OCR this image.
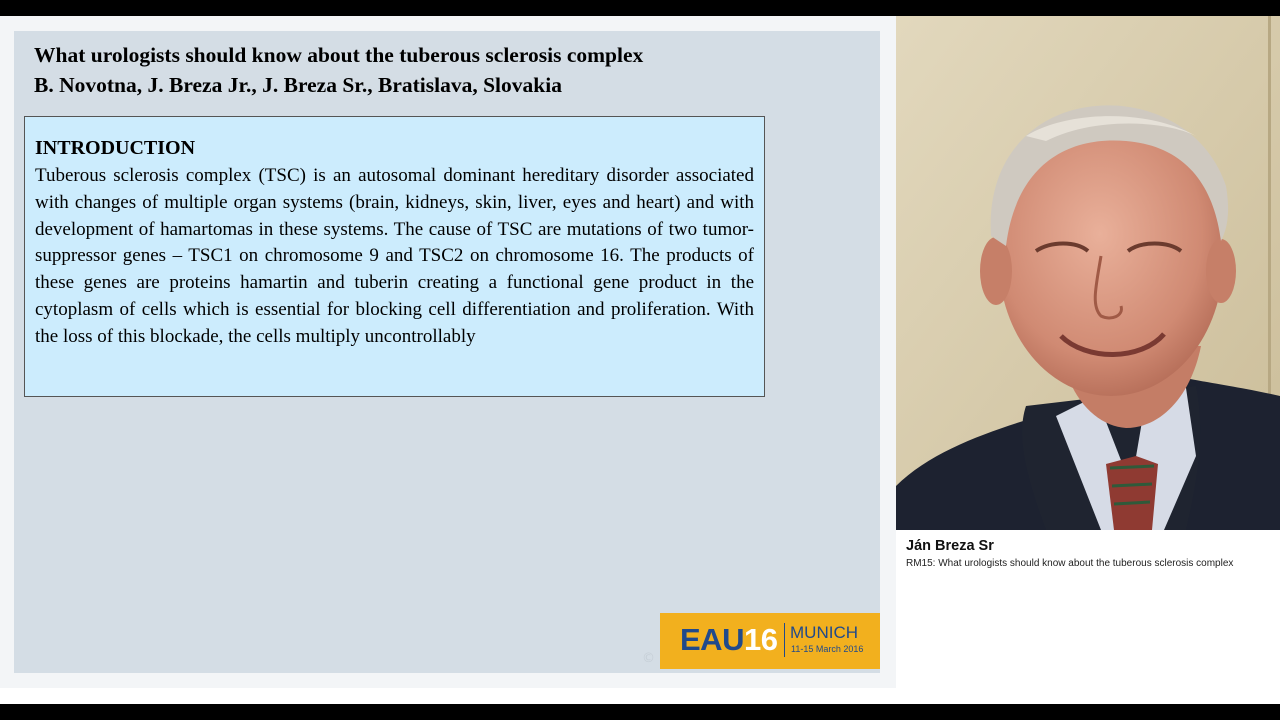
What urologists should know about the tuberous sclerosis complex
B. Novotna, J. Breza Jr., J. Breza Sr., Bratislava, Slovakia
INTRODUCTION

Tuberous sclerosis complex (TSC) is an autosomal dominant hereditary disorder associated with changes of multiple organ systems (brain, kidneys, skin, liver, eyes and heart) and with development of hamartomas in these systems. The cause of TSC are mutations of two tumor-suppressor genes – TSC1 on chromosome 9 and TSC2 on chromosome 16. The products of these genes are proteins hamartin and tuberin creating a functional gene product in the cytoplasm of cells which is essential for blocking cell differentiation and proliferation. With the loss of this blockade, the cells multiply uncontrollably

©
EAU16 MUNICH
11-15 March 2016
Ján Breza Sr
RM15: What urologists should know about the tuberous sclerosis complex
